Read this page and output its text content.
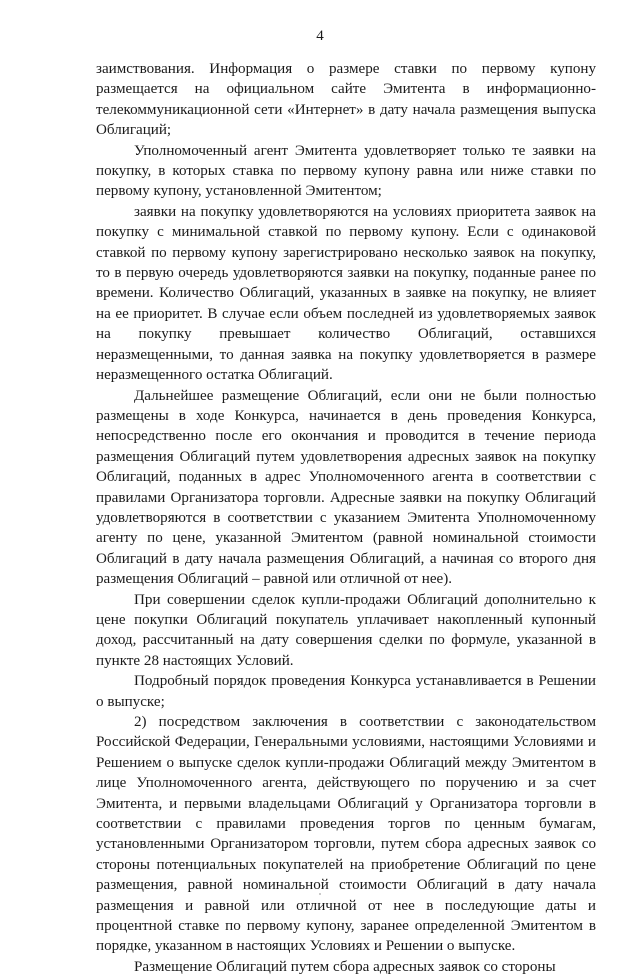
4

заимствования. Информация о размере ставки по первому купону размещается на официальном сайте Эмитента в информационно-телекоммуникационной сети «Интернет» в дату начала размещения выпуска Облигаций;

Уполномоченный агент Эмитента удовлетворяет только те заявки на покупку, в которых ставка по первому купону равна или ниже ставки по первому купону, установленной Эмитентом;

заявки на покупку удовлетворяются на условиях приоритета заявок на покупку с минимальной ставкой по первому купону. Если с одинаковой ставкой по первому купону зарегистрировано несколько заявок на покупку, то в первую очередь удовлетворяются заявки на покупку, поданные ранее по времени. Количество Облигаций, указанных в заявке на покупку, не влияет на ее приоритет. В случае если объем последней из удовлетворяемых заявок на покупку превышает количество Облигаций, оставшихся неразмещенными, то данная заявка на покупку удовлетворяется в размере неразмещенного остатка Облигаций.

Дальнейшее размещение Облигаций, если они не были полностью размещены в ходе Конкурса, начинается в день проведения Конкурса, непосредственно после его окончания и проводится в течение периода размещения Облигаций путем удовлетворения адресных заявок на покупку Облигаций, поданных в адрес Уполномоченного агента в соответствии с правилами Организатора торговли. Адресные заявки на покупку Облигаций удовлетворяются в соответствии с указанием Эмитента Уполномоченному агенту по цене, указанной Эмитентом (равной номинальной стоимости Облигаций в дату начала размещения Облигаций, а начиная со второго дня размещения Облигаций – равной или отличной от нее).

При совершении сделок купли-продажи Облигаций дополнительно к цене покупки Облигаций покупатель уплачивает накопленный купонный доход, рассчитанный на дату совершения сделки по формуле, указанной в пункте 28 настоящих Условий.

Подробный порядок проведения Конкурса устанавливается в Решении о выпуске;

2) посредством заключения в соответствии с законодательством Российской Федерации, Генеральными условиями, настоящими Условиями и Решением о выпуске сделок купли-продажи Облигаций между Эмитентом в лице Уполномоченного агента, действующего по поручению и за счет Эмитента, и первыми владельцами Облигаций у Организатора торговли в соответствии с правилами проведения торгов по ценным бумагам, установленными Организатором торговли, путем сбора адресных заявок со стороны потенциальных покупателей на приобретение Облигаций по цене размещения, равной номинальной стоимости Облигаций в дату начала размещения и равной или отличной от нее в последующие даты и процентной ставке по первому купону, заранее определенной Эмитентом в порядке, указанном в настоящих Условиях и Решении о выпуске.

Размещение Облигаций путем сбора адресных заявок со стороны
